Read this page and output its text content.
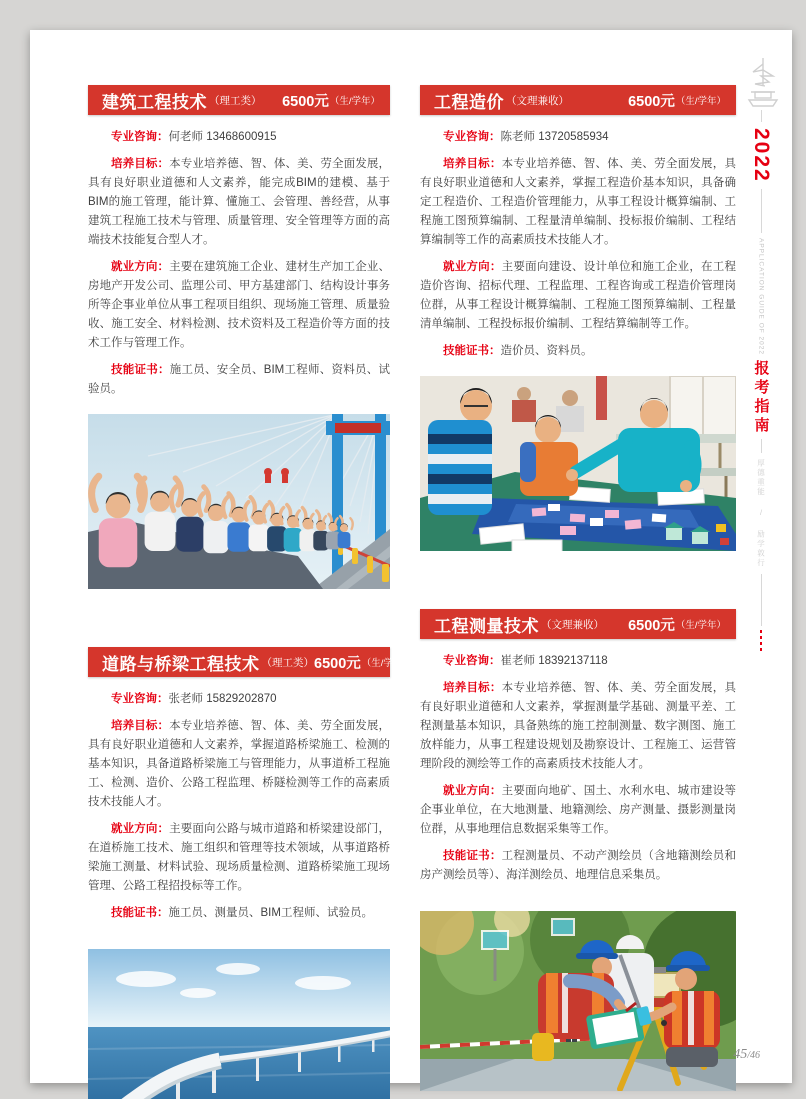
建筑工程技术 （理工类） 6500元 （生/学年）

专业咨询：何老师 13468600915

培养目标：本专业培养德、智、体、美、劳全面发展，具有良好职业道德和人文素养，能完成BIM的建模、基于BIM的施工管理，能计算、懂施工、会管理、善经营，从事建筑工程施工技术与管理、质量管理、安全管理等方面的高端技术技能复合型人才。

就业方向：主要在建筑施工企业、建材生产加工企业、房地产开发公司、监理公司、甲方基建部门、结构设计事务所等企事业单位从事工程项目组织、现场施工管理、质量验收、施工安全、材料检测、技术资料及工程造价等方面的技术工作与管理工作。

技能证书：施工员、安全员、BIM工程师、资料员、试验员。

道路与桥梁工程技术 （理工类） 6500元 （生/学年）

专业咨询：张老师 15829202870

培养目标：本专业培养德、智、体、美、劳全面发展，具有良好职业道德和人文素养，掌握道路桥梁施工、检测的基本知识，具备道路桥梁施工与管理能力，从事道桥工程施工、检测、造价、公路工程监理、桥隧检测等工作的高素质技术技能人才。

就业方向：主要面向公路与城市道路和桥梁建设部门，在道桥施工技术、施工组织和管理等技术领域，从事道路桥梁施工测量、材料试验、现场质量检测、道路桥梁施工现场管理、公路工程招投标等工作。

技能证书：施工员、测量员、BIM工程师、试验员。

工程造价 （文理兼收）	6500元 （生/学年）

专业咨询：陈老师 13720585934

培养目标：本专业培养德、智、体、美、劳全面发展，具有良好职业道德和人文素养，掌握工程造价基本知识，具备确定工程造价、工程造价管理能力，从事工程设计概算编制、工程施工图预算编制、工程量清单编制、投标报价编制、工程结算编制等工作的高素质技术技能人才。

就业方向：主要面向建设、设计单位和施工企业，在工程造价咨询、招标代理、工程监理、工程咨询或工程造价管理岗位群，从事工程设计概算编制、工程施工图预算编制、工程量清单编制、工程投标报价编制、工程结算编制等工作。

技能证书：造价员、资料员。

工程测量技术 （文理兼收） 6500元 （生/学年）

专业咨询：崔老师 18392137118

培养目标：本专业培养德、智、体、美、劳全面发展，具有良好职业道德和人文素养，掌握测量学基础、测量平差、工程测量基本知识，具备熟练的施工控制测量、数字测图、施工放样能力，从事工程建设规划及勘察设计、工程施工、运营管理阶段的测绘等工作的高素质技术技能人才。

就业方向：主要面向地矿、国土、水利水电、城市建设等企事业单位，在大地测量、地籍测绘、房产测量、摄影测量岗位群，从事地理信息数据采集等工作。

技能证书：工程测量员、不动产测绘员（含地籍测绘员和房产测绘员等）、海洋测绘员、地理信息采集员。

2022
APPLICATION GUIDE OF 2022
报考指南
厚德重能 / 励学敦行
45/46
